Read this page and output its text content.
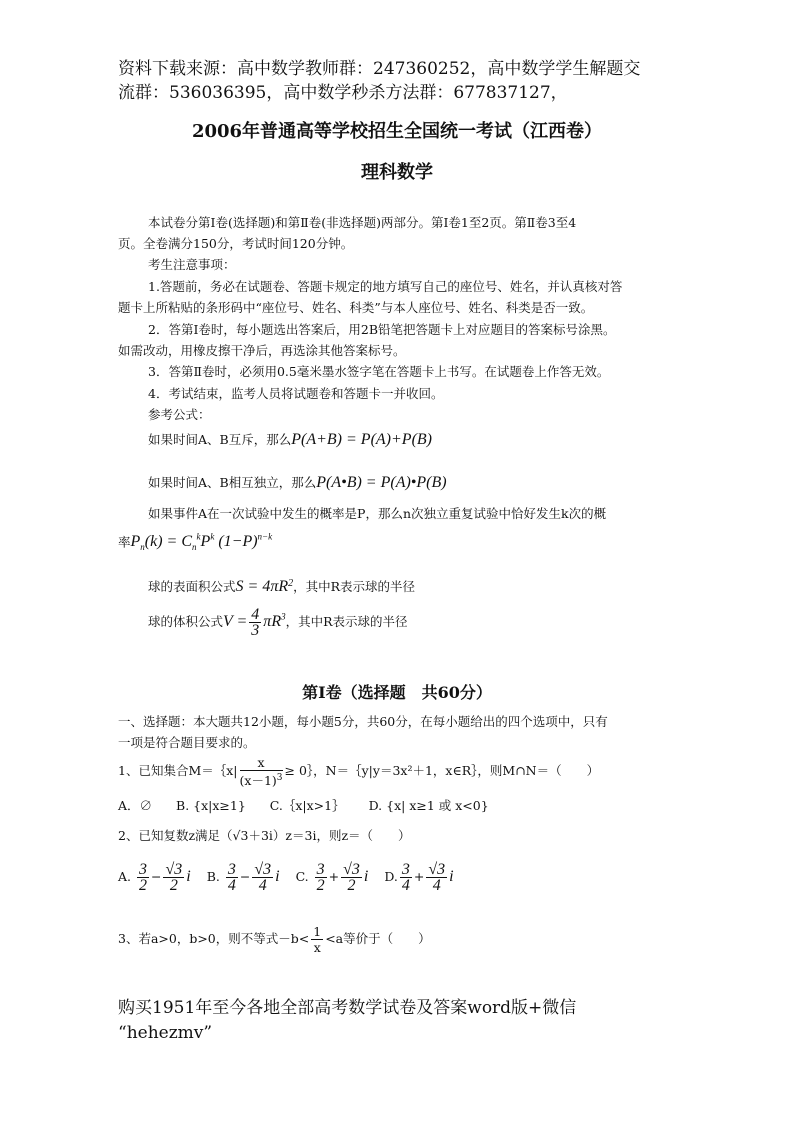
资料下载来源：高中数学教师群：247360252，高中数学学生解题交
流群：536036395，高中数学秒杀方法群：677837127，
2006年普通高等学校招生全国统一考试（江西卷）
理科数学
本试卷分第Ⅰ卷(选择题)和第Ⅱ卷(非选择题)两部分。第Ⅰ卷1至2页。第Ⅱ卷3至4
页。全卷满分150分，考试时间120分钟。
考生注意事项：
1.答题前，务必在试题卷、答题卡规定的地方填写自己的座位号、姓名，并认真核对答
题卡上所粘贴的条形码中“座位号、姓名、科类”与本人座位号、姓名、科类是否一致。
2．答第Ⅰ卷时，每小题选出答案后，用2B铅笔把答题卡上对应题目的答案标号涂黑。
如需改动，用橡皮擦干净后，再选涂其他答案标号。
3．答第Ⅱ卷时，必须用0.5毫米墨水签字笔在答题卡上书写。在试题卷上作答无效。
4．考试结束，监考人员将试题卷和答题卡一并收回。
参考公式：
如果时间A、B互斥，那么P(A+B) = P(A)+P(B)
如果时间A、B相互独立，那么P(A•B) = P(A)•P(B)
如果事件A在一次试验中发生的概率是P，那么n次独立重复试验中恰好发生k次的概
率$P_n(k) = C_n^kP^k$ $(1-P)^{n-k}$
球的表面积公式$S = 4\pi R^2$，其中R表示球的半径
球的体积公式$V = \frac{4}{3} \pi R^3$，其中R表示球的半径
第Ⅰ卷（选择题　共60分）
一、选择题：本大题共12小题，每小题5分，共60分，在每小题给出的四个选项中，只有
一项是符合题目要求的。
1、已知集合M＝｛x| $\frac{x}{(x-1)^3}$ ≥ 0｝，N＝｛y|y＝3x²＋1，x∈R｝，则M∩N＝（　　）
A．∅ B. {x|x≥1} C.｛x|x>1｝ D. {x| x≥1 或 x<0}
2、已知复数z满足（√3＋3i）z＝3i，则z＝（　　）
A. $\frac{3}{2} - \frac{√3}{2}$ i B. $\frac{3}{4} - \frac{√3}{4}$ i C. $\frac{3}{2} + \frac{√3}{2}$ i D. $\frac{3}{4} + \frac{√3}{4}$ i
3、若a>0，b>0，则不等式$-b< \frac{1}{x} <a$等价于（　　）
购买1951年至今各地全部高考数学试卷及答案word版+微信
“hehezmv”
